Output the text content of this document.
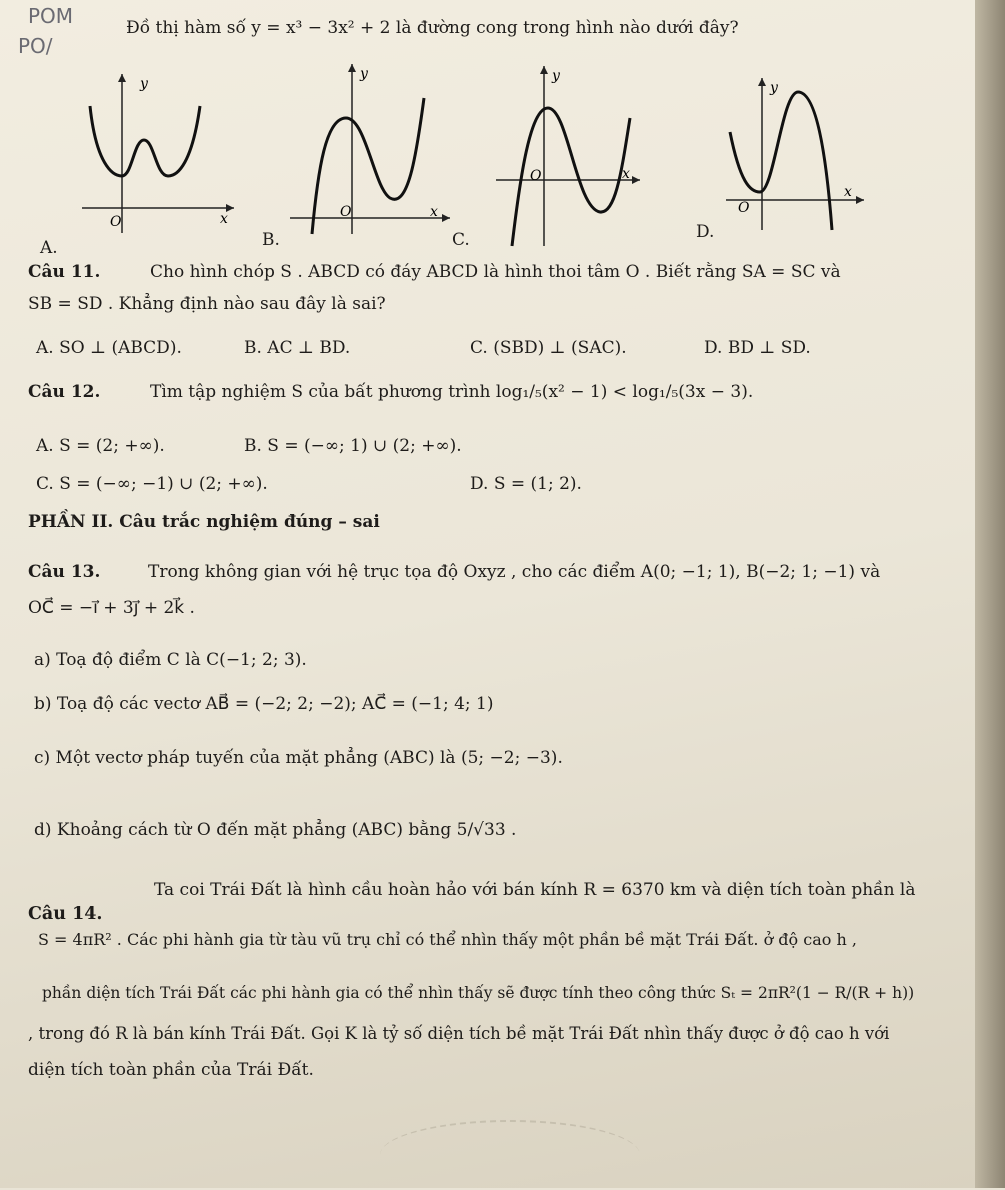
POM
PO/
Đồ thị hàm số y = x³ − 3x² + 2 là đường cong trong hình nào dưới đây?
y
O	x
A.
y
O	x
B.
y
O	x
C.
y
O
x
D.
Câu 11.	Cho hình chóp S . ABCD có đáy ABCD là hình thoi tâm O . Biết rằng SA = SC và
SB = SD . Khẳng định nào sau đây là sai?
A. SO ⊥ (ABCD).	B. AC ⊥ BD.	C. (SBD) ⊥ (SAC).	D. BD ⊥ SD.
Câu 12.	Tìm tập nghiệm S của bất phương trình log₁/₅(x² − 1) < log₁/₅(3x − 3).
A. S = (2; +∞).	B. S = (−∞; 1) ∪ (2; +∞).
C. S = (−∞; −1) ∪ (2; +∞).	D. S = (1; 2).
PHẦN II. Câu trắc nghiệm đúng – sai
Câu 13.	Trong không gian với hệ trục tọa độ Oxyz , cho các điểm A(0; −1; 1), B(−2; 1; −1) và
OC⃗ = −i⃗ + 3j⃗ + 2k⃗ .
a) Toạ độ điểm C là C(−1; 2; 3).
b) Toạ độ các vectơ AB⃗ = (−2; 2; −2); AC⃗ = (−1; 4; 1)
c) Một vectơ pháp tuyến của mặt phẳng (ABC) là (5; −2; −3).
d) Khoảng cách từ O đến mặt phẳng (ABC) bằng 5/√33 .
Câu 14.
Ta coi Trái Đất là hình cầu hoàn hảo với bán kính R = 6370 km và diện tích toàn phần là
S = 4πR² . Các phi hành gia từ tàu vũ trụ chỉ có thể nhìn thấy một phần bề mặt Trái Đất. ở độ cao h ,
phần diện tích Trái Đất các phi hành gia có thể nhìn thấy sẽ được tính theo công thức Sₜ = 2πR²(1 − R/(R + h))
, trong đó R là bán kính Trái Đất. Gọi K là tỷ số diện tích bề mặt Trái Đất nhìn thấy được ở độ cao h với
diện tích toàn phần của Trái Đất.
